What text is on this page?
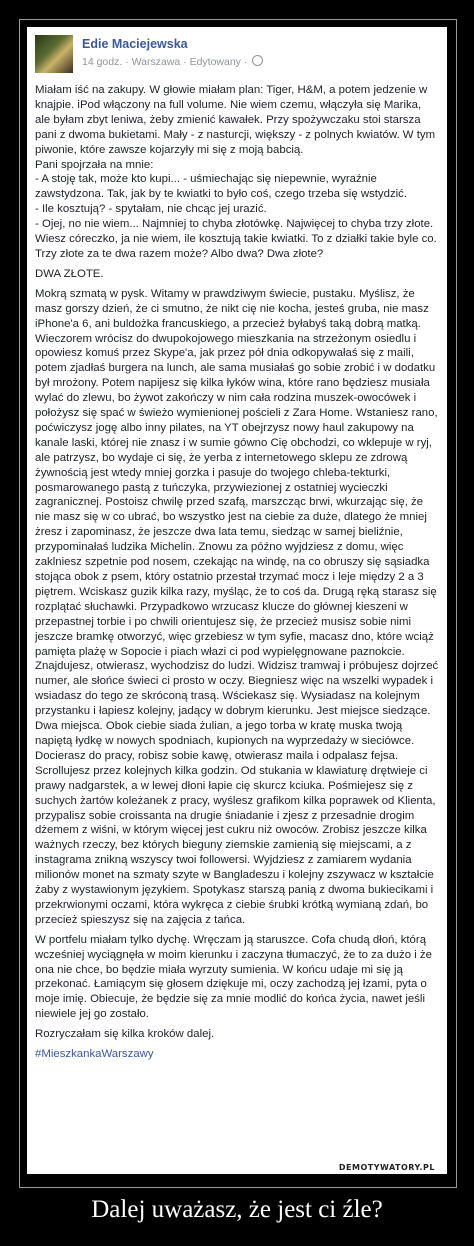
Edie Maciejewska
14 godz. · Warszawa · Edytowany ·

Miałam iść na zakupy. W głowie miałam plan: Tiger, H&M, a potem jedzenie w knajpie. iPod włączony na full volume. Nie wiem czemu, włączyła się Marika, ale byłam zbyt leniwa, żeby zmienić kawałek. Przy spożywczaku stoi starsza pani z dwoma bukietami. Mały - z nasturcji, większy - z polnych kwiatów. W tym piwonie, które zawsze kojarzyły mi się z moją babcią.
Pani spojrzała na mnie:
- A stoję tak, może kto kupi... - uśmiechając się niepewnie, wyraźnie zawstydzona. Tak, jak by te kwiatki to było coś, czego trzeba się wstydzić.
- Ile kosztują? - spytałam, nie chcąc jej urazić.
- Ojej, no nie wiem... Najmniej to chyba złotówkę. Najwięcej to chyba trzy złote. Wiesz córeczko, ja nie wiem, ile kosztują takie kwiatki. To z działki takie byle co. Trzy złote za te dwa razem może? Albo dwa? Dwa złote?

DWA ZŁOTE.

Mokrą szmatą w pysk. Witamy w prawdziwym świecie, pustaku. Myślisz, że masz gorszy dzień, że ci smutno, że nikt cię nie kocha, jesteś gruba, nie masz iPhone'a 6, ani buldożka francuskiego, a przecież byłabyś taką dobrą matką. Wieczorem wrócisz do dwupokojowego mieszkania na strzeżonym osiedlu i opowiesz komuś przez Skype'a, jak przez pół dnia odkopywałaś się z maili, potem zjadłaś burgera na lunch, ale sama musiałaś go sobie zrobić i w dodatku był mrożony. Potem napijesz się kilka łyków wina, które rano będziesz musiała wylać do zlewu, bo żywot zakończy w nim cała rodzina muszek-owocówek i położysz się spać w świeżo wymienionej pościeli z Zara Home. Wstaniesz rano, poćwiczysz jogę albo inny pilates, na YT obejrzysz nowy haul zakupowy na kanale laski, której nie znasz i w sumie gówno Cię obchodzi, co wklepuje w ryj, ale patrzysz, bo wydaje ci się, że yerba z internetowego sklepu ze zdrową żywnością jest wtedy mniej gorzka i pasuje do twojego chleba-tekturki, posmarowanego pastą z tuńczyka, przywiezionej z ostatniej wycieczki zagranicznej. Postoisz chwilę przed szafą, marszcząc brwi, wkurzając się, że nie masz się w co ubrać, bo wszystko jest na ciebie za duże, dlatego że mniej żresz i zapominasz, że jeszcze dwa lata temu, siedząc w samej bieliźnie, przypominałaś ludzika Michelin. Znowu za późno wyjdziesz z domu, więc zaklniesz szpetnie pod nosem, czekając na windę, na co obruszy się sąsiadka stojąca obok z psem, który ostatnio przestał trzymać mocz i leje między 2 a 3 piętrem. Wciskasz guzik kilka razy, myśląc, że to coś da. Drugą ręką starasz się rozplątać słuchawki. Przypadkowo wrzucasz klucze do głównej kieszeni w przepastnej torbie i po chwili orientujesz się, że przecież musisz sobie nimi jeszcze bramkę otworzyć, więc grzebiesz w tym syfie, macasz dno, które wciąż pamięta plażę w Sopocie i piach włazi ci pod wypielęgnowane paznokcie. Znajdujesz, otwierasz, wychodzisz do ludzi. Widzisz tramwaj i próbujesz dojrzeć numer, ale słońce świeci ci prosto w oczy. Biegniesz więc na wszelki wypadek i wsiadasz do tego ze skróconą trasą. Wściekasz się. Wysiadasz na kolejnym przystanku i łapiesz kolejny, jadący w dobrym kierunku. Jest miejsce siedzące. Dwa miejsca. Obok ciebie siada żulian, a jego torba w kratę muska twoją napiętą łydkę w nowych spodniach, kupionych na wyprzedaży w sieciówce. Docierasz do pracy, robisz sobie kawę, otwierasz maila i odpalasz fejsa. Scrollujesz przez kolejnych kilka godzin. Od stukania w klawiaturę drętwieje ci prawy nadgarstek, a w lewej dłoni łapie cię skurcz kciuka. Pośmiejesz się z suchych żartów koleżanek z pracy, wyślesz grafikom kilka poprawek od Klienta, przypalisz sobie croissanta na drugie śniadanie i zjesz z przesadnie drogim dżemem z wiśni, w którym więcej jest cukru niż owoców. Zrobisz jeszcze kilka ważnych rzeczy, bez których bieguny ziemskie zamienią się miejscami, a z instagrama znikną wszyscy twoi followersi. Wyjdziesz z zamiarem wydania milionów monet na szmaty szyte w Bangladeszu i kolejny zszywacz w kształcie żaby z wystawionym językiem. Spotykasz starszą panią z dwoma bukiecikami i przekrwionymi oczami, która wykręca z ciebie śrubki krótką wymianą zdań, bo przecież spieszysz się na zajęcia z tańca.

W portfelu miałam tylko dychę. Wręczam ją staruszce. Cofa chudą dłoń, którą wcześniej wyciągnęła w moim kierunku i zaczyna tłumaczyć, że to za dużo i że ona nie chce, bo będzie miała wyrzuty sumienia. W końcu udaje mi się ją przekonać. Łamiącym się głosem dziękuje mi, oczy zachodzą jej łzami, pyta o moje imię. Obiecuje, że będzie się za mnie modlić do końca życia, nawet jeśli niewiele jej go zostało.

Rozryczałam się kilka kroków dalej.

#MieszkankaWarszawy

DEMOTYWATORY.PL
Dalej uważasz, że jest ci źle?
